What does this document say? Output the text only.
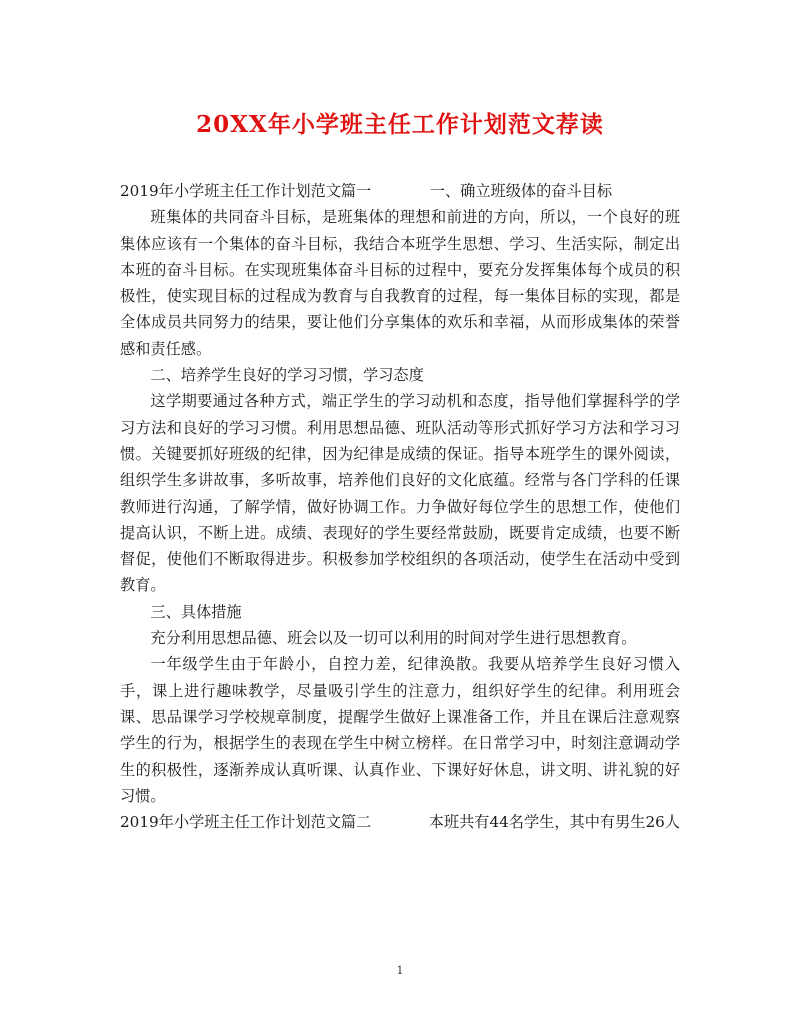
20XX年小学班主任工作计划范文荐读
2019年小学班主任工作计划范文篇一	一、确立班级体的奋斗目标

班集体的共同奋斗目标，是班集体的理想和前进的方向，所以，一个良好的班集体应该有一个集体的奋斗目标，我结合本班学生思想、学习、生活实际，制定出本班的奋斗目标。在实现班集体奋斗目标的过程中，要充分发挥集体每个成员的积极性，使实现目标的过程成为教育与自我教育的过程，每一集体目标的实现，都是全体成员共同努力的结果，要让他们分享集体的欢乐和幸福，从而形成集体的荣誉感和责任感。

二、培养学生良好的学习习惯，学习态度

这学期要通过各种方式，端正学生的学习动机和态度，指导他们掌握科学的学习方法和良好的学习习惯。利用思想品德、班队活动等形式抓好学习方法和学习习惯。关键要抓好班级的纪律，因为纪律是成绩的保证。指导本班学生的课外阅读，组织学生多讲故事，多听故事，培养他们良好的文化底蕴。经常与各门学科的任课教师进行沟通，了解学情，做好协调工作。力争做好每位学生的思想工作，使他们提高认识，不断上进。成绩、表现好的学生要经常鼓励，既要肯定成绩，也要不断督促，使他们不断取得进步。积极参加学校组织的各项活动，使学生在活动中受到教育。

三、具体措施

充分利用思想品德、班会以及一切可以利用的时间对学生进行思想教育。

一年级学生由于年龄小，自控力差，纪律涣散。我要从培养学生良好习惯入手，课上进行趣味教学，尽量吸引学生的注意力，组织好学生的纪律。利用班会课、思品课学习学校规章制度，提醒学生做好上课准备工作，并且在课后注意观察学生的行为，根据学生的表现在学生中树立榜样。在日常学习中，时刻注意调动学生的积极性，逐渐养成认真听课、认真作业、下课好好休息，讲文明、讲礼貌的好习惯。

2019年小学班主任工作计划范文篇二	本班共有44名学生，其中有男生26人
1
